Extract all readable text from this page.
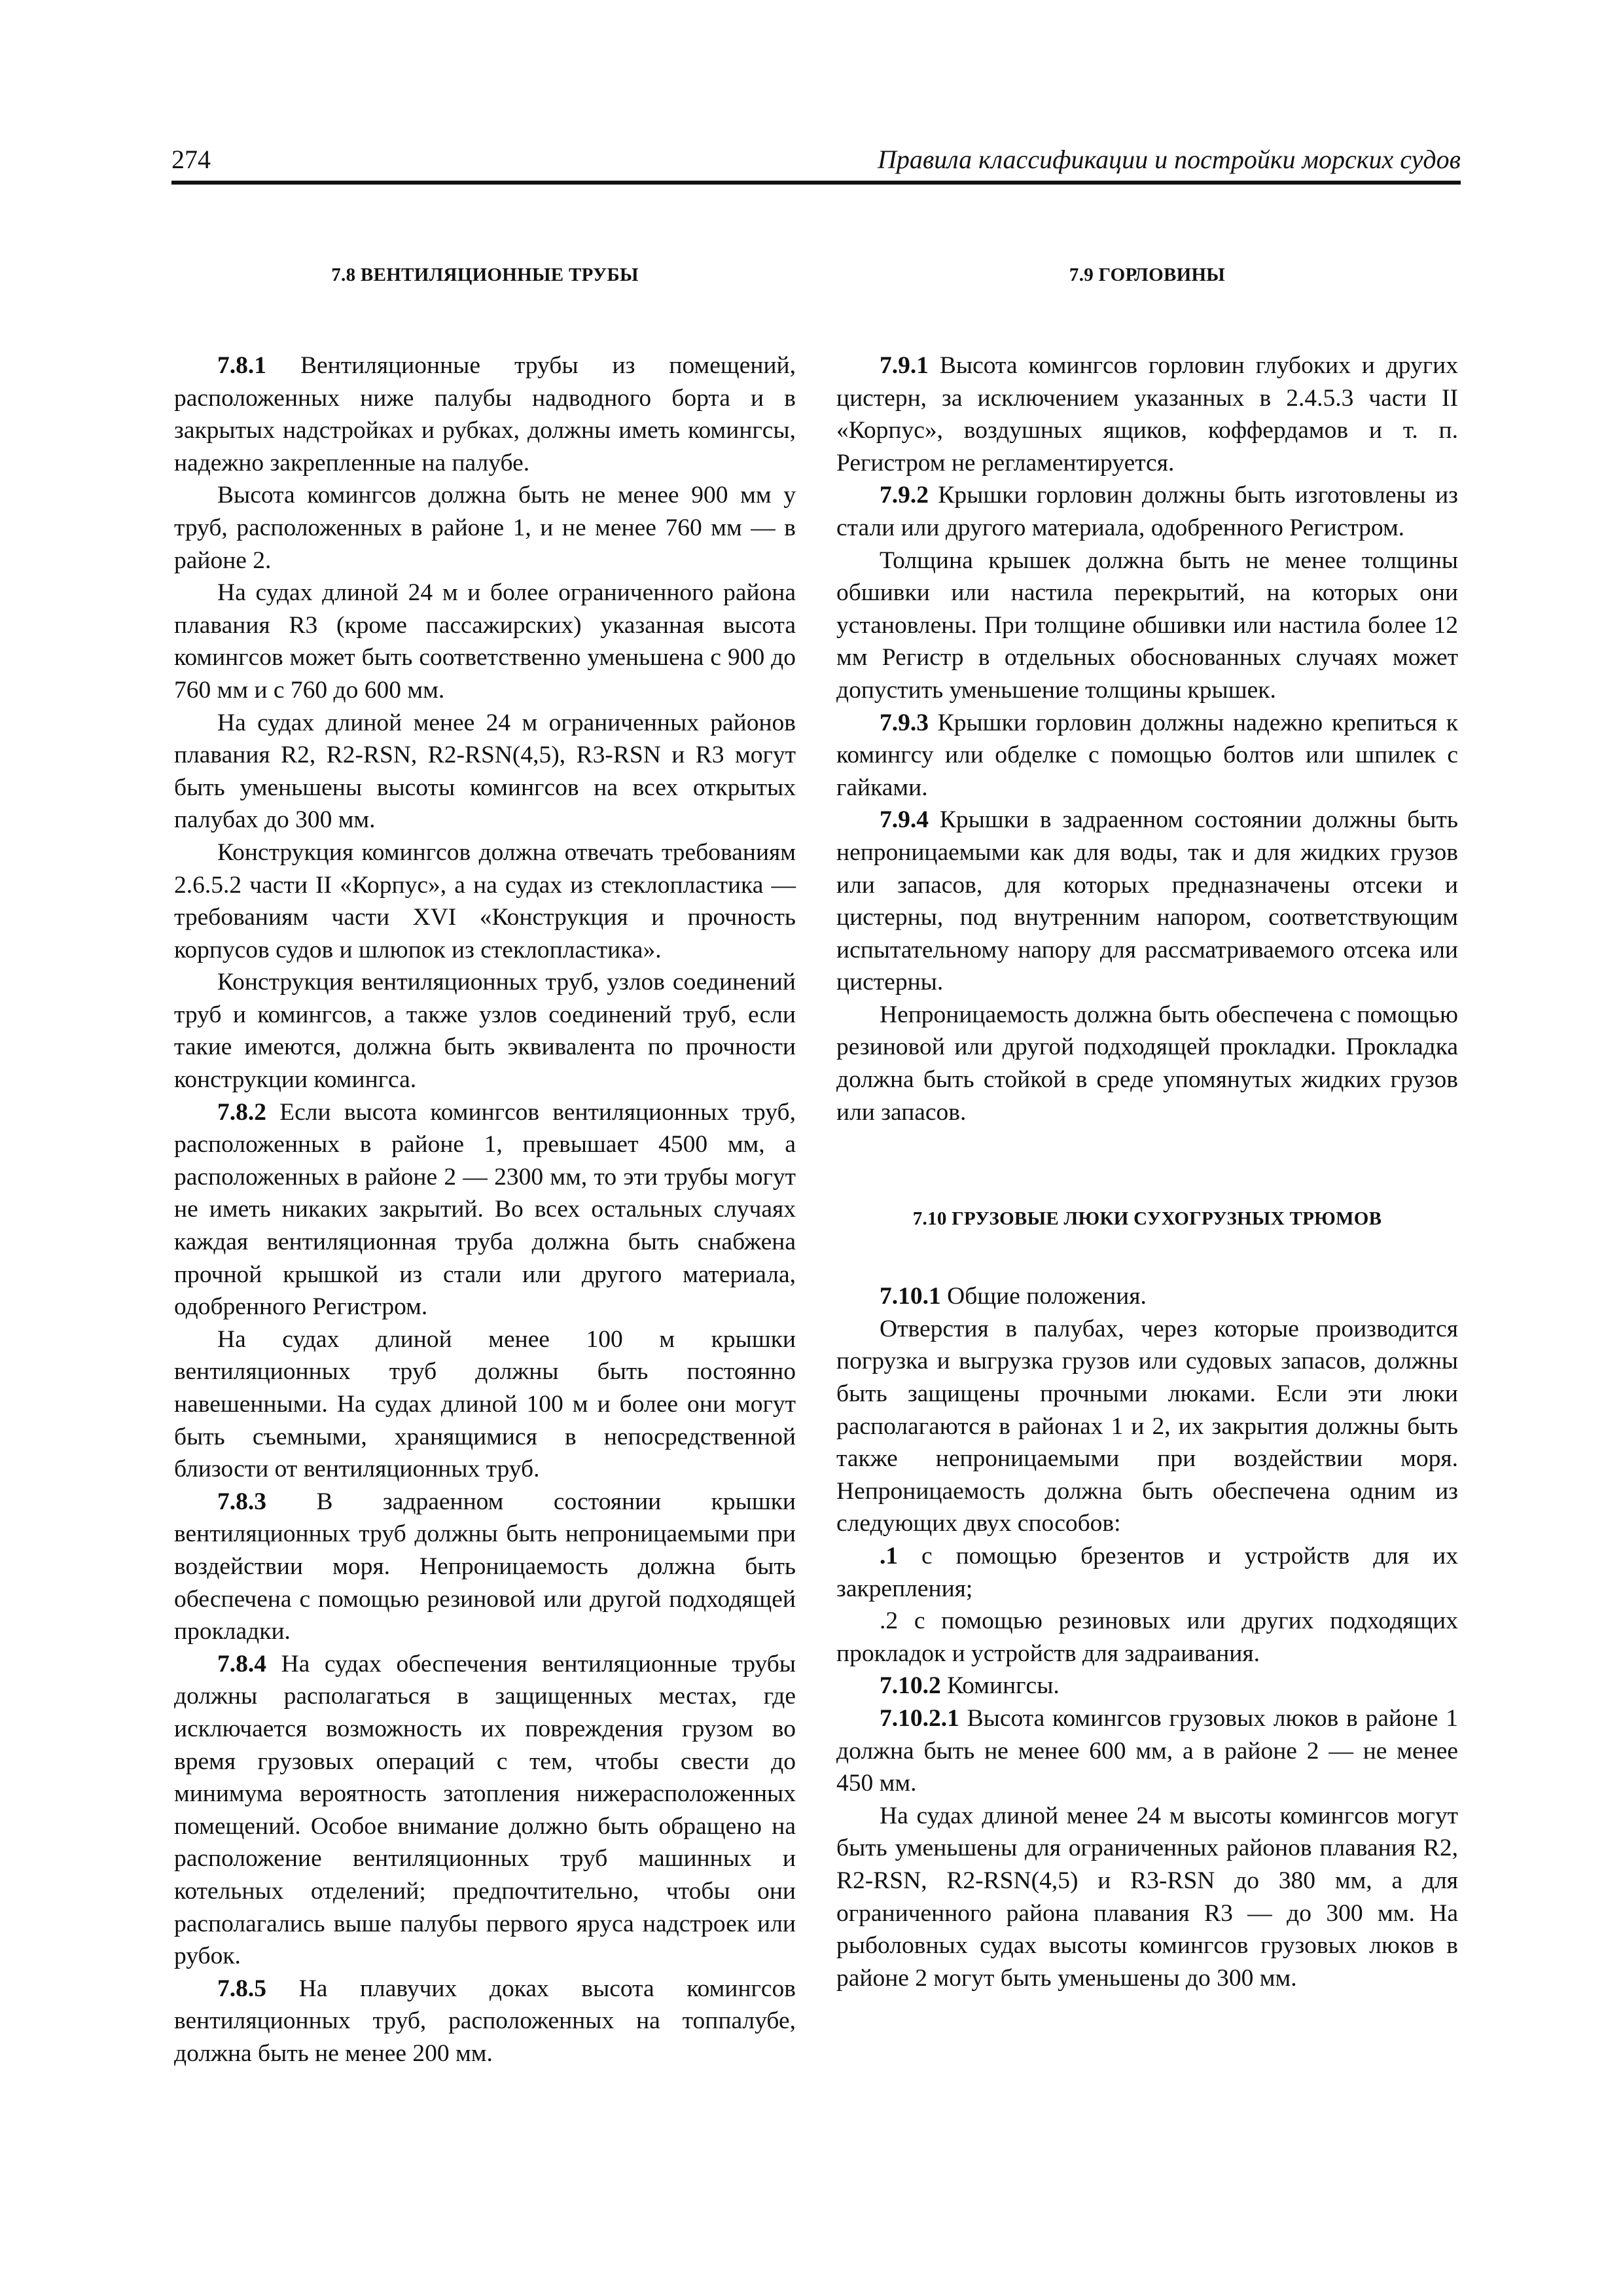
274	Правила классификации и постройки морских судов
7.8 ВЕНТИЛЯЦИОННЫЕ ТРУБЫ

7.8.1 Вентиляционные трубы из помещений, расположенных ниже палубы надводного борта и в закрытых надстройках и рубках, должны иметь комингсы, надежно закрепленные на палубе.

Высота комингсов должна быть не менее 900 мм у труб, расположенных в районе 1, и не менее 760 мм — в районе 2.

На судах длиной 24 м и более ограниченного района плавания R3 (кроме пассажирских) указанная высота комингсов может быть соответственно уменьшена с 900 до 760 мм и с 760 до 600 мм.

На судах длиной менее 24 м ограниченных районов плавания R2, R2-RSN, R2-RSN(4,5), R3-RSN и R3 могут быть уменьшены высоты комингсов на всех открытых палубах до 300 мм.

Конструкция комингсов должна отвечать требованиям 2.6.5.2 части II «Корпус», а на судах из стеклопластика — требованиям части XVI «Конструкция и прочность корпусов судов и шлюпок из стеклопластика».

Конструкция вентиляционных труб, узлов соединений труб и комингсов, а также узлов соединений труб, если такие имеются, должна быть эквивалента по прочности конструкции комингса.

7.8.2 Если высота комингсов вентиляционных труб, расположенных в районе 1, превышает 4500 мм, а расположенных в районе 2 — 2300 мм, то эти трубы могут не иметь никаких закрытий. Во всех остальных случаях каждая вентиляционная труба должна быть снабжена прочной крышкой из стали или другого материала, одобренного Регистром.

На судах длиной менее 100 м крышки вентиляционных труб должны быть постоянно навешенными. На судах длиной 100 м и более они могут быть съемными, хранящимися в непосредственной близости от вентиляционных труб.

7.8.3 В задраенном состоянии крышки вентиляционных труб должны быть непроницаемыми при воздействии моря. Непроницаемость должна быть обеспечена с помощью резиновой или другой подходящей прокладки.

7.8.4 На судах обеспечения вентиляционные трубы должны располагаться в защищенных местах, где исключается возможность их повреждения грузом во время грузовых операций с тем, чтобы свести до минимума вероятность затопления нижерасположенных помещений. Особое внимание должно быть обращено на расположение вентиляционных труб машинных и котельных отделений; предпочтительно, чтобы они располагались выше палубы первого яруса надстроек или рубок.

7.8.5 На плавучих доках высота комингсов вентиляционных труб, расположенных на топпалубе, должна быть не менее 200 мм.

7.9 ГОРЛОВИНЫ

7.9.1 Высота комингсов горловин глубоких и других цистерн, за исключением указанных в 2.4.5.3 части II «Корпус», воздушных ящиков, коффердамов и т. п. Регистром не регламентируется.

7.9.2 Крышки горловин должны быть изготовлены из стали или другого материала, одобренного Регистром.

Толщина крышек должна быть не менее толщины обшивки или настила перекрытий, на которых они установлены. При толщине обшивки или настила более 12 мм Регистр в отдельных обоснованных случаях может допустить уменьшение толщины крышек.

7.9.3 Крышки горловин должны надежно крепиться к комингсу или обделке с помощью болтов или шпилек с гайками.

7.9.4 Крышки в задраенном состоянии должны быть непроницаемыми как для воды, так и для жидких грузов или запасов, для которых предназначены отсеки и цистерны, под внутренним напором, соответствующим испытательному напору для рассматриваемого отсека или цистерны.

Непроницаемость должна быть обеспечена с помощью резиновой или другой подходящей прокладки. Прокладка должна быть стойкой в среде упомянутых жидких грузов или запасов.

7.10 ГРУЗОВЫЕ ЛЮКИ СУХОГРУЗНЫХ ТРЮМОВ

7.10.1 Общие положения.

Отверстия в палубах, через которые производится погрузка и выгрузка грузов или судовых запасов, должны быть защищены прочными люками. Если эти люки располагаются в районах 1 и 2, их закрытия должны быть также непроницаемыми при воздействии моря. Непроницаемость должна быть обеспечена одним из следующих двух способов:

.1 с помощью брезентов и устройств для их закрепления;

.2 с помощью резиновых или других подходящих прокладок и устройств для задраивания.

7.10.2 Комингсы.

7.10.2.1 Высота комингсов грузовых люков в районе 1 должна быть не менее 600 мм, а в районе 2 — не менее 450 мм.

На судах длиной менее 24 м высоты комингсов могут быть уменьшены для ограниченных районов плавания R2, R2-RSN, R2-RSN(4,5) и R3-RSN до 380 мм, а для ограниченного района плавания R3 — до 300 мм. На рыболовных судах высоты комингсов грузовых люков в районе 2 могут быть уменьшены до 300 мм.
